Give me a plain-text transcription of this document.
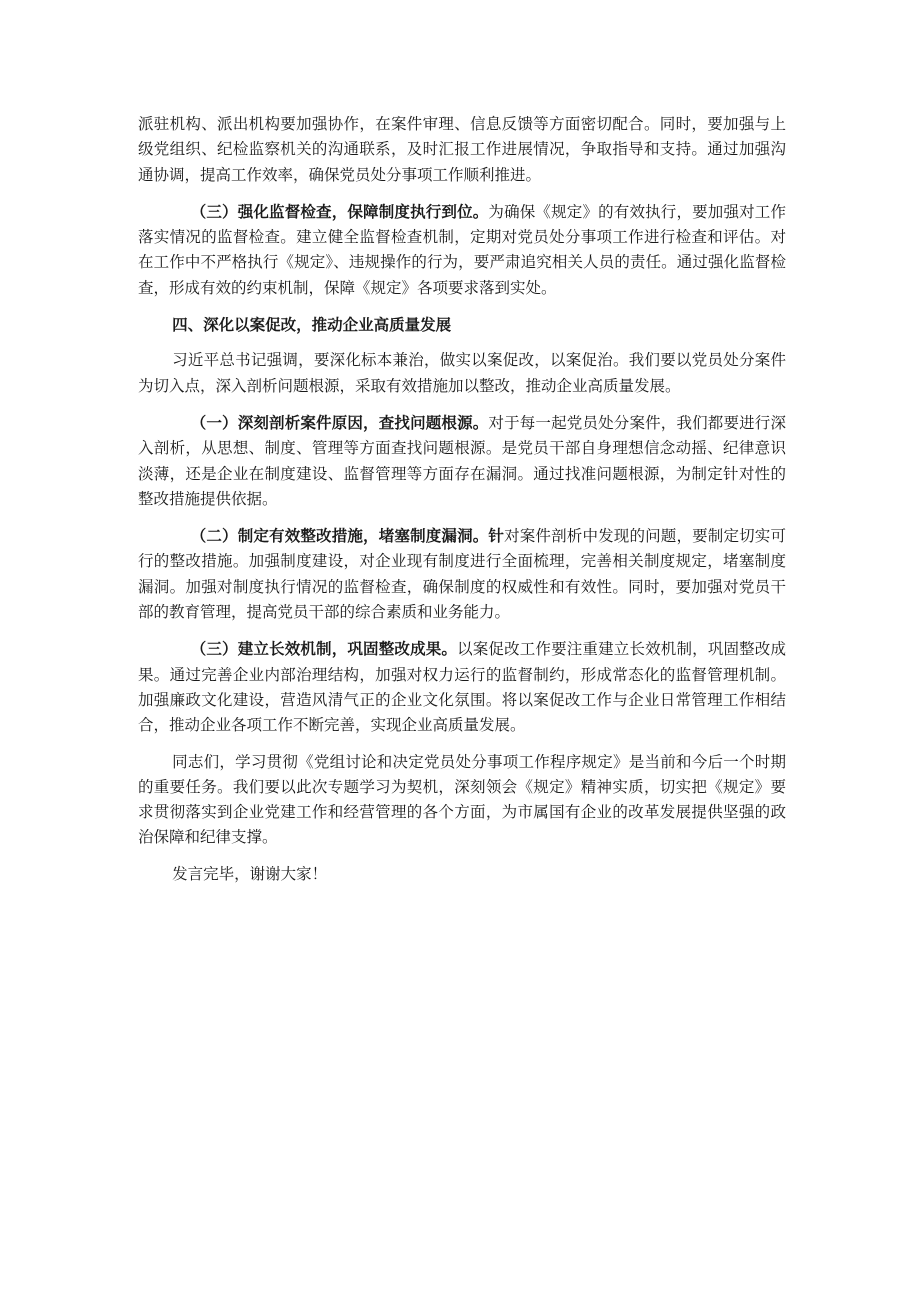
派驻机构、派出机构要加强协作，在案件审理、信息反馈等方面密切配合。同时，要加强与上级党组织、纪检监察机关的沟通联系，及时汇报工作进展情况，争取指导和支持。通过加强沟通协调，提高工作效率，确保党员处分事项工作顺利推进。

（三）强化监督检查，保障制度执行到位。为确保《规定》的有效执行，要加强对工作落实情况的监督检查。建立健全监督检查机制，定期对党员处分事项工作进行检查和评估。对在工作中不严格执行《规定》、违规操作的行为，要严肃追究相关人员的责任。通过强化监督检查，形成有效的约束机制，保障《规定》各项要求落到实处。

四、深化以案促改，推动企业高质量发展

习近平总书记强调，要深化标本兼治，做实以案促改，以案促治。我们要以党员处分案件为切入点，深入剖析问题根源，采取有效措施加以整改，推动企业高质量发展。

（一）深刻剖析案件原因，查找问题根源。对于每一起党员处分案件，我们都要进行深入剖析，从思想、制度、管理等方面查找问题根源。是党员干部自身理想信念动摇、纪律意识淡薄，还是企业在制度建设、监督管理等方面存在漏洞。通过找准问题根源，为制定针对性的整改措施提供依据。

（二）制定有效整改措施，堵塞制度漏洞。针对案件剖析中发现的问题，要制定切实可行的整改措施。加强制度建设，对企业现有制度进行全面梳理，完善相关制度规定，堵塞制度漏洞。加强对制度执行情况的监督检查，确保制度的权威性和有效性。同时，要加强对党员干部的教育管理，提高党员干部的综合素质和业务能力。

（三）建立长效机制，巩固整改成果。以案促改工作要注重建立长效机制，巩固整改成果。通过完善企业内部治理结构，加强对权力运行的监督制约，形成常态化的监督管理机制。加强廉政文化建设，营造风清气正的企业文化氛围。将以案促改工作与企业日常管理工作相结合，推动企业各项工作不断完善，实现企业高质量发展。

同志们，学习贯彻《党组讨论和决定党员处分事项工作程序规定》是当前和今后一个时期的重要任务。我们要以此次专题学习为契机，深刻领会《规定》精神实质，切实把《规定》要求贯彻落实到企业党建工作和经营管理的各个方面，为市属国有企业的改革发展提供坚强的政治保障和纪律支撑。

发言完毕，谢谢大家！
